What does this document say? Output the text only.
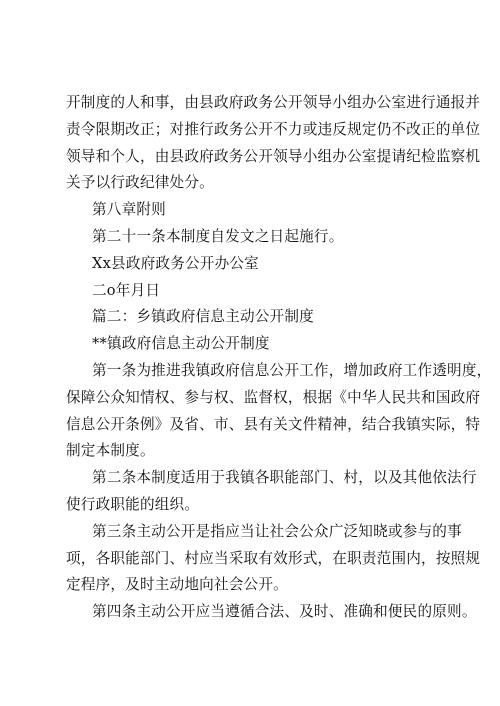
开制度的人和事，由县政府政务公开领导小组办公室进行通报并
责令限期改正；对推行政务公开不力或违反规定仍不改正的单位
领导和个人，由县政府政务公开领导小组办公室提请纪检监察机
关予以行政纪律处分。
第八章附则
第二十一条本制度自发文之日起施行。
Xx县政府政务公开办公室
二o年月日
篇二：乡镇政府信息主动公开制度
**镇政府信息主动公开制度
第一条为推进我镇政府信息公开工作，增加政府工作透明度，
保障公众知情权、参与权、监督权，根据《中华人民共和国政府
信息公开条例》及省、市、县有关文件精神，结合我镇实际，特
制定本制度。
第二条本制度适用于我镇各职能部门、村，以及其他依法行
使行政职能的组织。
第三条主动公开是指应当让社会公众广泛知晓或参与的事
项，各职能部门、村应当采取有效形式，在职责范围内，按照规
定程序，及时主动地向社会公开。
第四条主动公开应当遵循合法、及时、准确和便民的原则。
